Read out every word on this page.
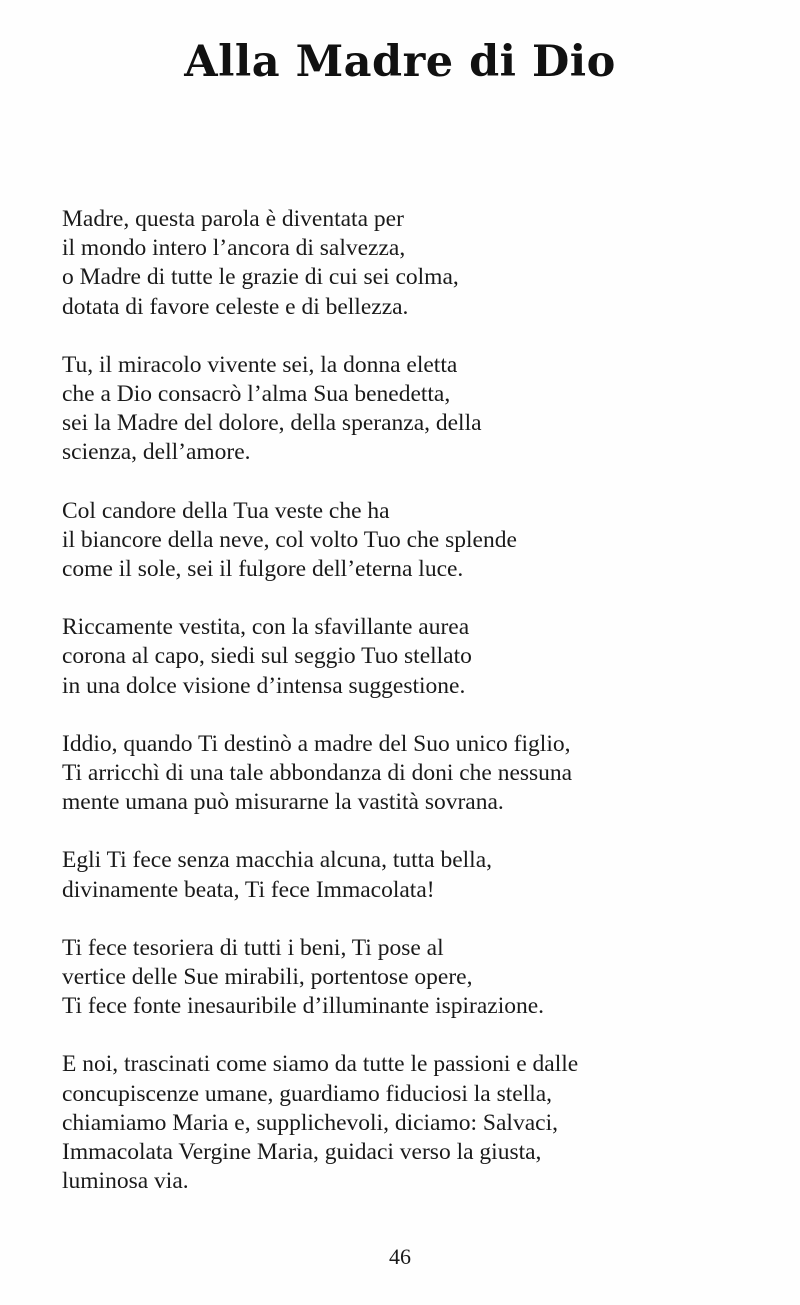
Alla Madre di Dio

Madre, questa parola è diventata per
il mondo intero l’ancora di salvezza,
o Madre di tutte le grazie di cui sei colma,
dotata di favore celeste e di bellezza.

Tu, il miracolo vivente sei, la donna eletta
che a Dio consacrò l’alma Sua benedetta,
sei la Madre del dolore, della speranza, della
scienza, dell’amore.

Col candore della Tua veste che ha
il biancore della neve, col volto Tuo che splende
come il sole, sei il fulgore dell’eterna luce.

Riccamente vestita, con la sfavillante aurea
corona al capo, siedi sul seggio Tuo stellato
in una dolce visione d’intensa suggestione.

Iddio, quando Ti destinò a madre del Suo unico figlio,
Ti arricchì di una tale abbondanza di doni che nessuna
mente umana può misurarne la vastità sovrana.

Egli Ti fece senza macchia alcuna, tutta bella,
divinamente beata, Ti fece Immacolata!

Ti fece tesoriera di tutti i beni, Ti pose al
vertice delle Sue mirabili, portentose opere,
Ti fece fonte inesauribile d’illuminante ispirazione.

E noi, trascinati come siamo da tutte le passioni e dalle
concupiscenze umane, guardiamo fiduciosi la stella,
chiamiamo Maria e, supplichevoli, diciamo: Salvaci,
Immacolata Vergine Maria, guidaci verso la giusta,
luminosa via.

46
